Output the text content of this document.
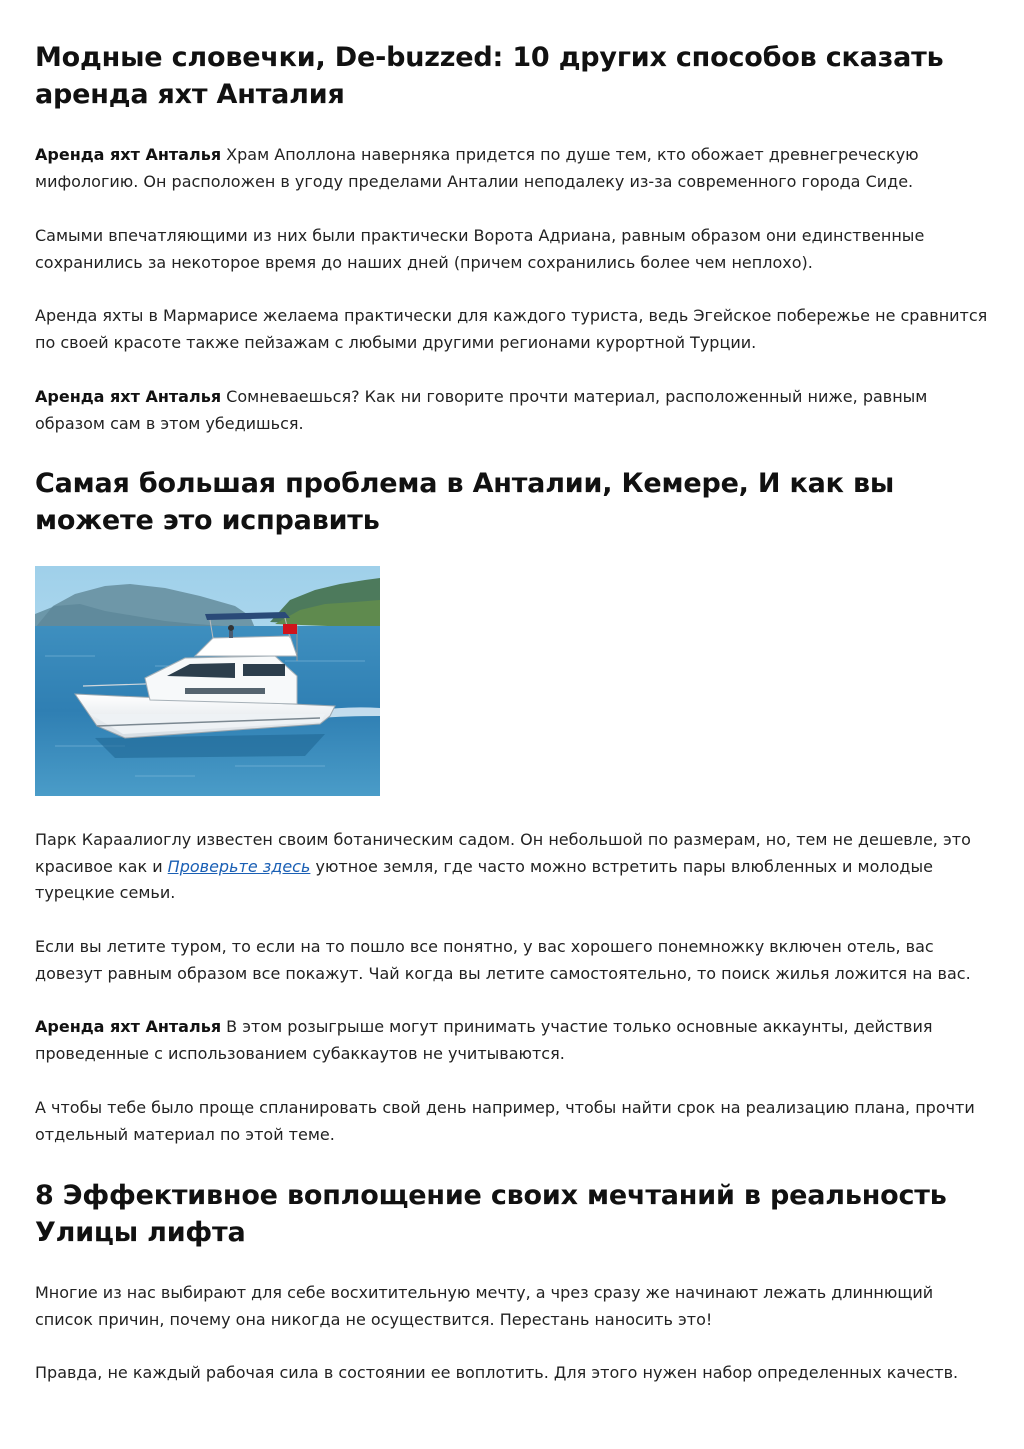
Модные словечки, De-buzzed: 10 других способов сказать аренда яхт Анталия

Аренда яхт Анталья Храм Аполлона наверняка придется по душе тем, кто обожает древнегреческую мифологию. Он расположен в угоду пределами Анталии неподалеку из-за современного города Сиде.

Самыми впечатляющими из них были практически Ворота Адриана, равным образом они единственные сохранились за некоторое время до наших дней (причем сохранились более чем неплохо).

Аренда яхты в Мармарисе желаема практически для каждого туриста, ведь Эгейское побережье не сравнится по своей красоте также пейзажам с любыми другими регионами курортной Турции.

Аренда яхт Анталья Сомневаешься? Как ни говорите прочти материал, расположенный ниже, равным образом сам в этом убедишься.

Самая большая проблема в Анталии, Кемере, И как вы можете это исправить

Парк Караалиоглу известен своим ботаническим садом. Он небольшой по размерам, но, тем не дешевле, это красивое как и Проверьте здесь уютное земля, где часто можно встретить пары влюбленных и молодые турецкие семьи.

Если вы летите туром, то если на то пошло все понятно, у вас хорошего понемножку включен отель, вас довезут равным образом все покажут. Чай когда вы летите самостоятельно, то поиск жилья ложится на вас.

Аренда яхт Анталья В этом розыгрыше могут принимать участие только основные аккаунты, действия проведенные с использованием субаккаутов не учитываются.

А чтобы тебе было проще спланировать свой день например, чтобы найти срок на реализацию плана, прочти отдельный материал по этой теме.

8 Эффективное воплощение своих мечтаний в реальность Улицы лифта

Многие из нас выбирают для себе восхитительную мечту, а чрез сразу же начинают лежать длиннющий список причин, почему она никогда не осуществится. Перестань наносить это!

Правда, не каждый рабочая сила в состоянии ее воплотить. Для этого нужен набор определенных качеств.
